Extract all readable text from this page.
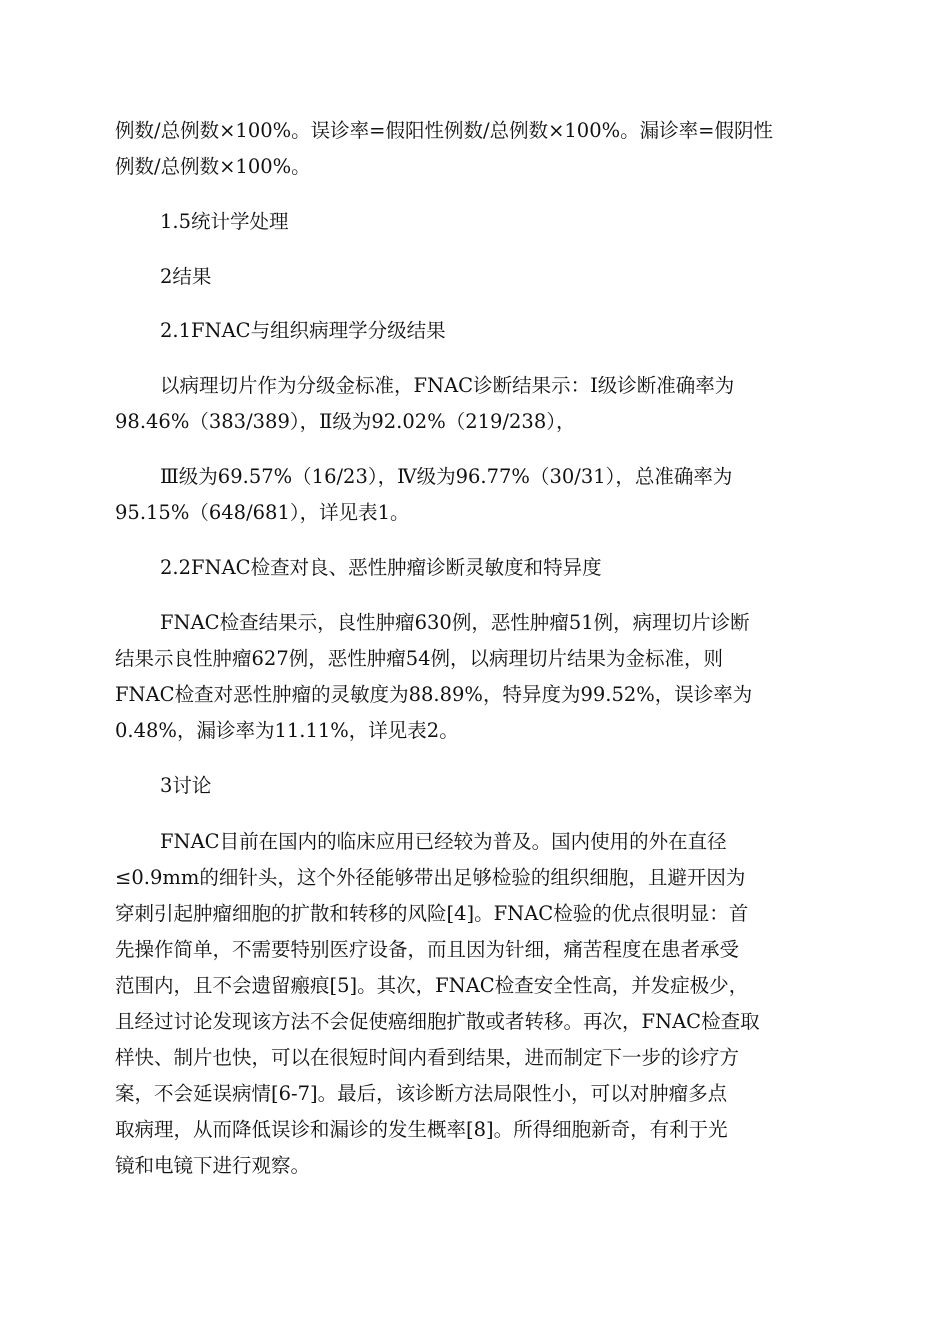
例数/总例数×100%。误诊率=假阳性例数/总例数×100%。漏诊率=假阴性

例数/总例数×100%。

1.5统计学处理

2结果

2.1FNAC与组织病理学分级结果

以病理切片作为分级金标准，FNAC诊断结果示：Ⅰ级诊断准确率为

98.46%（383/389），Ⅱ级为92.02%（219/238），

Ⅲ级为69.57%（16/23），Ⅳ级为96.77%（30/31），总准确率为

95.15%（648/681），详见表1。

2.2FNAC检查对良、恶性肿瘤诊断灵敏度和特异度

FNAC检查结果示，良性肿瘤630例，恶性肿瘤51例，病理切片诊断

结果示良性肿瘤627例，恶性肿瘤54例，以病理切片结果为金标准，则

FNAC检查对恶性肿瘤的灵敏度为88.89%，特异度为99.52%，误诊率为

0.48%，漏诊率为11.11%，详见表2。

3讨论

FNAC目前在国内的临床应用已经较为普及。国内使用的外在直径

≤0.9mm的细针头，这个外径能够带出足够检验的组织细胞，且避开因为

穿刺引起肿瘤细胞的扩散和转移的风险[4]。FNAC检验的优点很明显：首

先操作简单，不需要特别医疗设备，而且因为针细，痛苦程度在患者承受

范围内，且不会遗留瘢痕[5]。其次，FNAC检查安全性高，并发症极少，

且经过讨论发现该方法不会促使癌细胞扩散或者转移。再次，FNAC检查取

样快、制片也快，可以在很短时间内看到结果，进而制定下一步的诊疗方

案，不会延误病情[6-7]。最后，该诊断方法局限性小，可以对肿瘤多点

取病理，从而降低误诊和漏诊的发生概率[8]。所得细胞新奇，有利于光

镜和电镜下进行观察。
